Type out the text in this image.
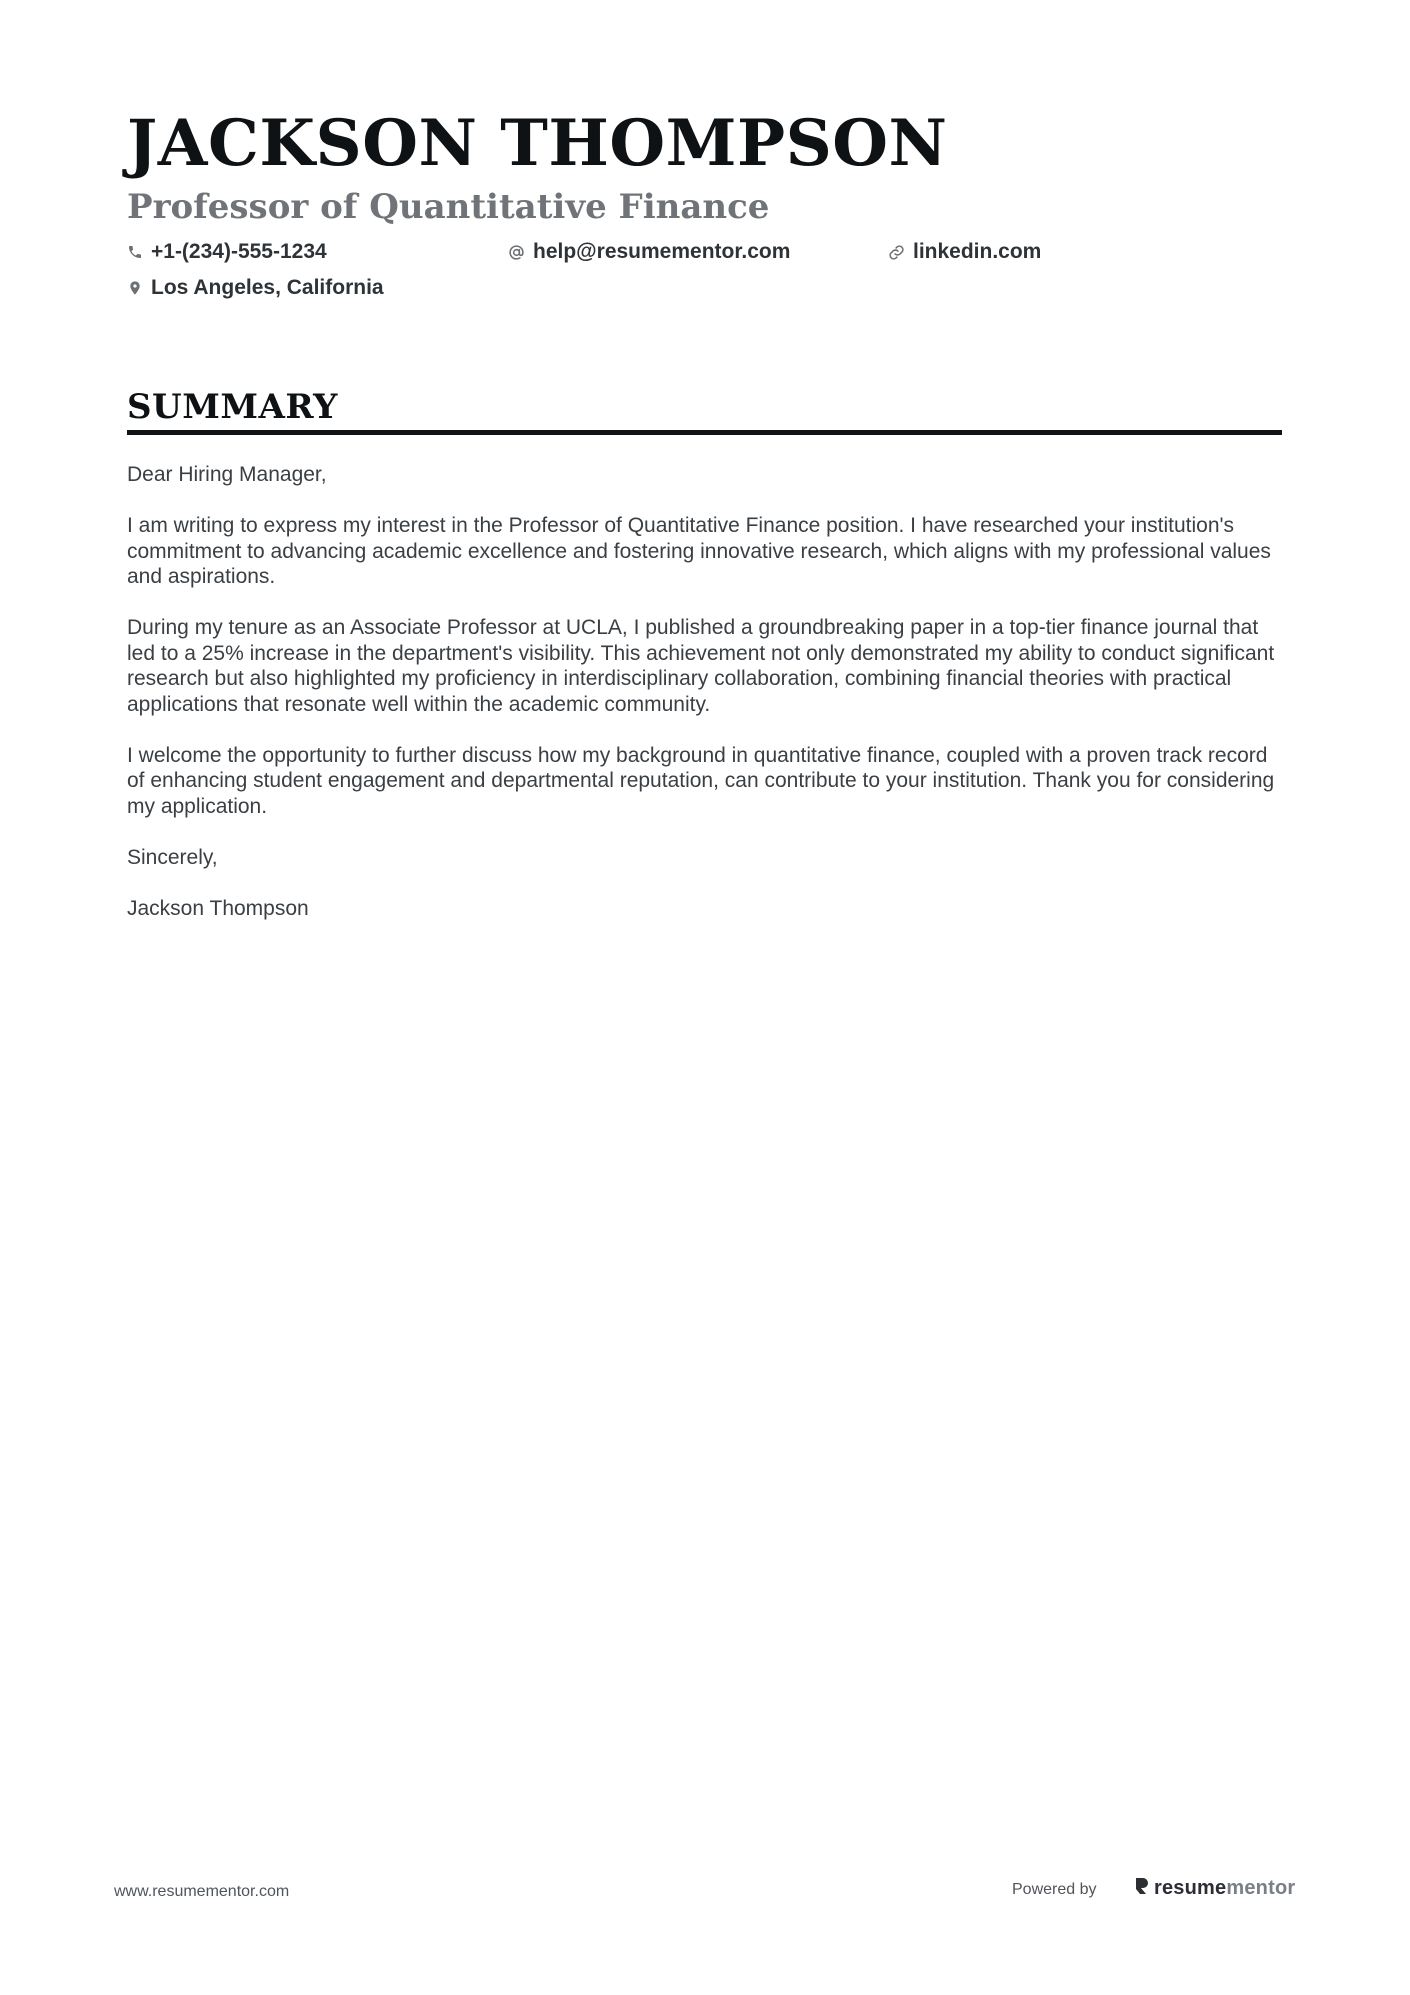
JACKSON THOMPSON
Professor of Quantitative Finance
+1-(234)-555-1234	help@resumementor.com	linkedin.com
Los Angeles, California
SUMMARY

Dear Hiring Manager,

I am writing to express my interest in the Professor of Quantitative Finance position. I have researched your institution's commitment to advancing academic excellence and fostering innovative research, which aligns with my professional values and aspirations.

During my tenure as an Associate Professor at UCLA, I published a groundbreaking paper in a top-tier finance journal that led to a 25% increase in the department's visibility. This achievement not only demonstrated my ability to conduct significant research but also highlighted my proficiency in interdisciplinary collaboration, combining financial theories with practical applications that resonate well within the academic community.

I welcome the opportunity to further discuss how my background in quantitative finance, coupled with a proven track record of enhancing student engagement and departmental reputation, can contribute to your institution. Thank you for considering my application.

Sincerely,

Jackson Thompson

www.resumementor.com	Powered by	resumementor
